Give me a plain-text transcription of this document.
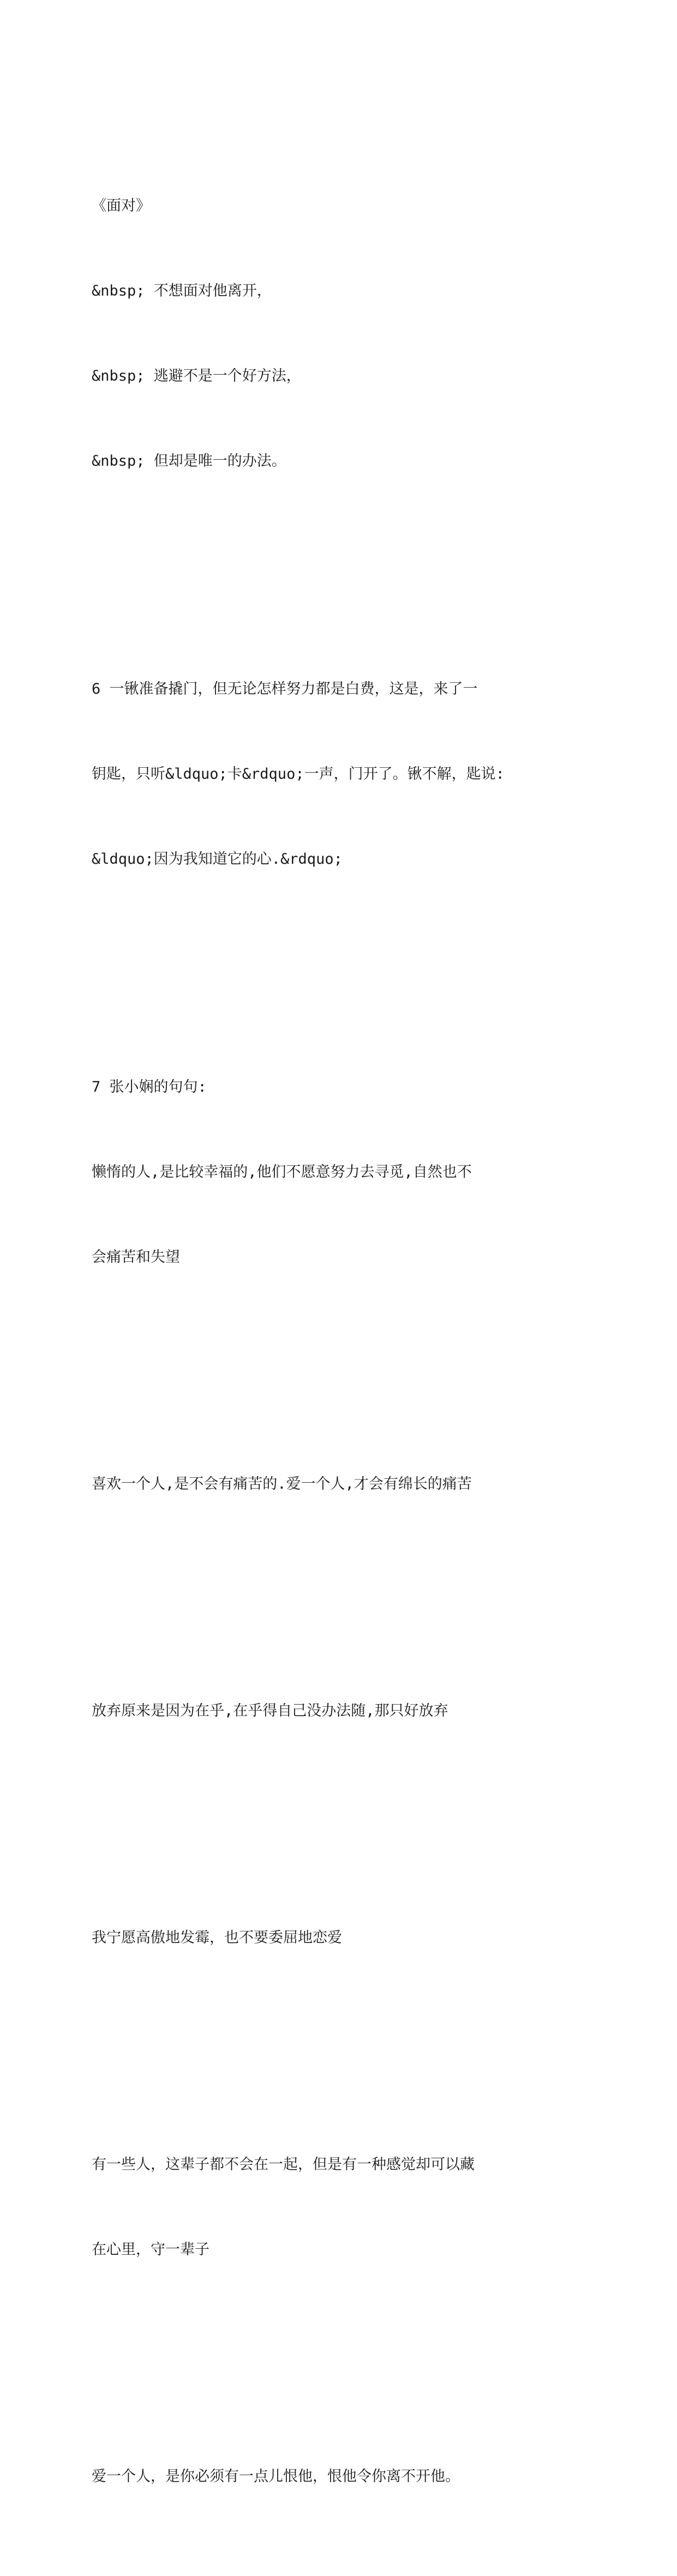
《面对》

&nbsp; 不想面对他离开，

&nbsp; 逃避不是一个好方法，

&nbsp; 但却是唯一的办法。

6 一锹准备撬门，但无论怎样努力都是白费，这是，来了一

钥匙，只听&ldquo;卡&rdquo;一声，门开了。锹不解，匙说:

&ldquo;因为我知道它的心.&rdquo;

7 张小娴的句句:

懒惰的人,是比较幸福的,他们不愿意努力去寻觅,自然也不

会痛苦和失望

喜欢一个人,是不会有痛苦的.爱一个人,才会有绵长的痛苦

放弃原来是因为在乎,在乎得自己没办法随,那只好放弃

我宁愿高傲地发霉，也不要委屈地恋爱

有一些人，这辈子都不会在一起，但是有一种感觉却可以藏

在心里，守一辈子

爱一个人，是你必须有一点儿恨他，恨他令你离不开他。
